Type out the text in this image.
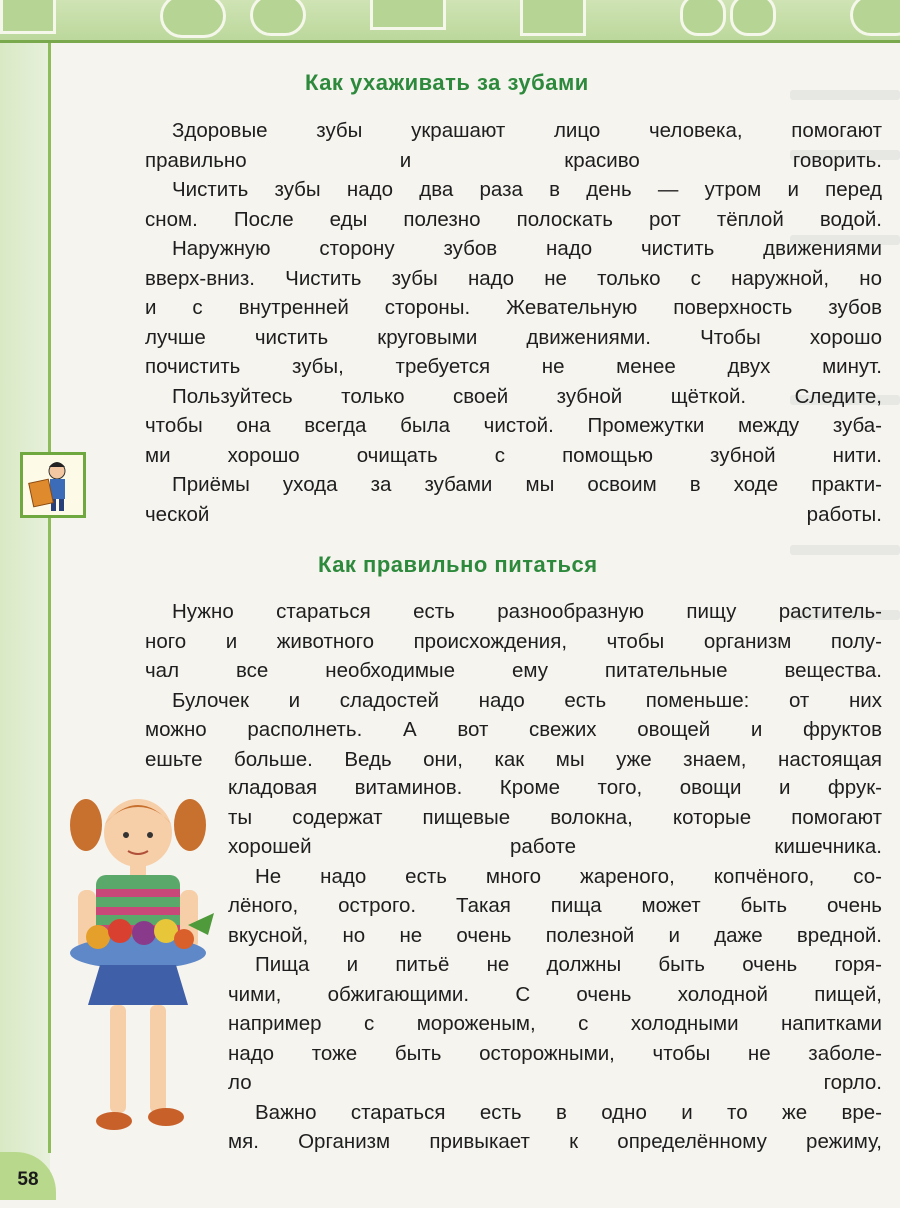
Как ухаживать за зубами

Здоровые зубы украшают лицо человека, помогают
правильно и красиво говорить.

Чистить зубы надо два раза в день — утром и перед
сном. После еды полезно полоскать рот тёплой водой.

Наружную сторону зубов надо чистить движениями
вверх-вниз. Чистить зубы надо не только с наружной, но
и с внутренней стороны. Жевательную поверхность зубов
лучше чистить круговыми движениями. Чтобы хорошо
почистить зубы, требуется не менее двух минут.

Пользуйтесь только своей зубной щёткой. Следите,
чтобы она всегда была чистой. Промежутки между зуба-
ми хорошо очищать с помощью зубной нити.

Приёмы ухода за зубами мы освоим в ходе практи-
ческой работы.

Как правильно питаться

Нужно стараться есть разнообразную пищу раститель-
ного и животного происхождения, чтобы организм полу-
чал все необходимые ему питательные вещества.

Булочек и сладостей надо есть поменьше: от них
можно располнеть. А вот свежих овощей и фруктов
ешьте больше. Ведь они, как мы уже знаем, настоящая

кладовая витаминов. Кроме того, овощи и фрук-
ты содержат пищевые волокна, которые помогают
хорошей работе кишечника.

Не надо есть много жареного, копчёного, со-
лёного, острого. Такая пища может быть очень
вкусной, но не очень полезной и даже вредной.

Пища и питьё не должны быть очень горя-
чими, обжигающими. С очень холодной пищей,
например с мороженым, с холодными напитками
надо тоже быть осторожными, чтобы не заболе-
ло горло.

Важно стараться есть в одно и то же вре-
мя. Организм привыкает к определённому режиму,

58
